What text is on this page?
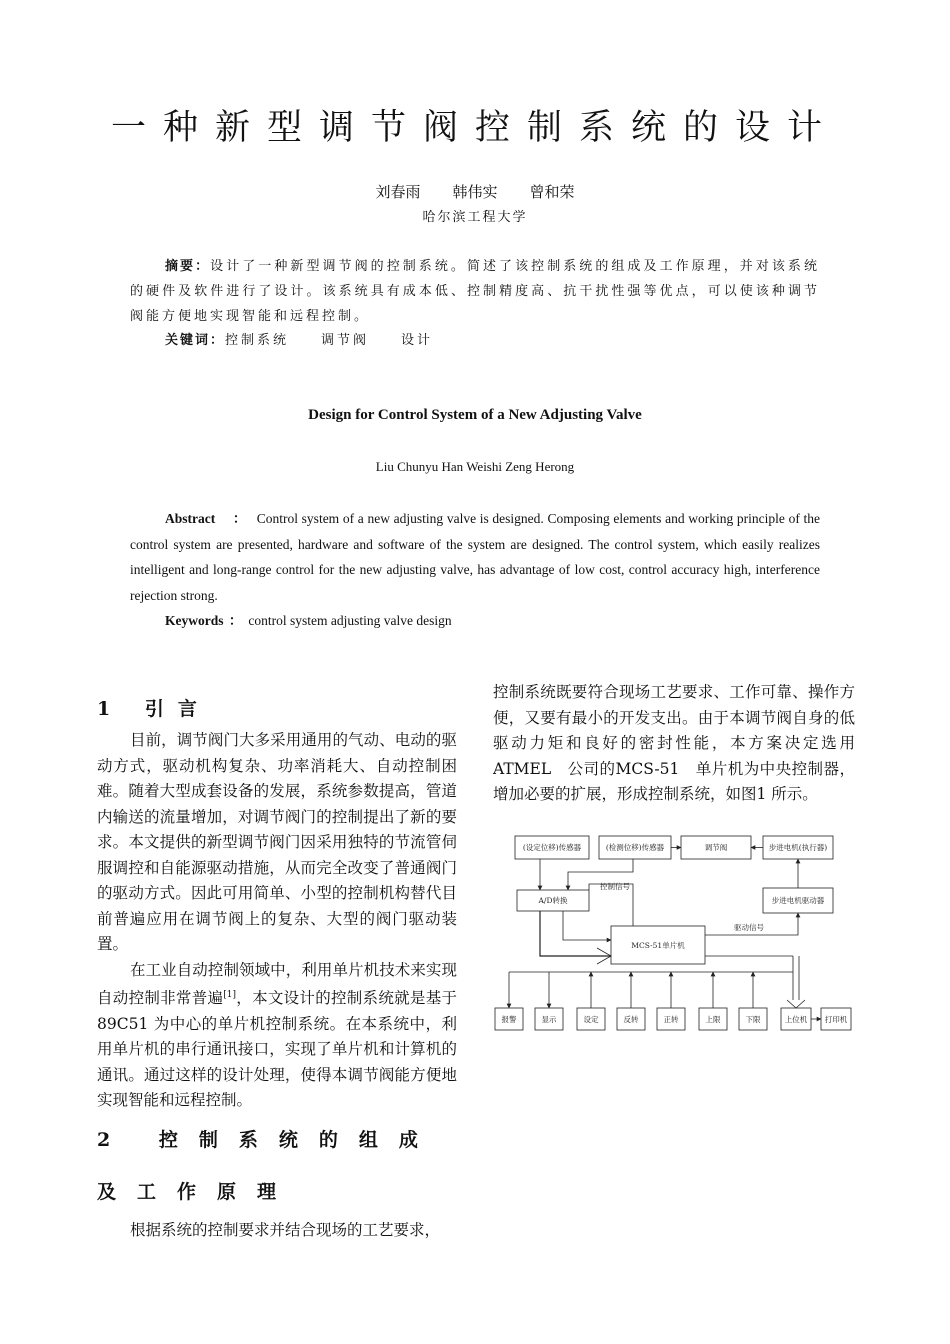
一种新型调节阀控制系统的设计
刘春雨 韩伟实 曾和荣
哈尔滨工程大学
摘要：设计了一种新型调节阀的控制系统。简述了该控制系统的组成及工作原理，并对该系统的硬件及软件进行了设计。该系统具有成本低、控制精度高、抗干扰性强等优点，可以使该种调节阀能方便地实现智能和远程控制。
关键词：控制系统 调节阀 设计
Design for Control System of a New Adjusting Valve
Liu Chunyu Han Weishi Zeng Herong
Abstract ： Control system of a new adjusting valve is designed. Composing elements and working principle of the control system are presented, hardware and software of the system are designed. The control system, which easily realizes intelligent and long-range control for the new adjusting valve, has advantage of low cost, control accuracy high, interference rejection strong.
Keywords ： control system adjusting valve design
1 引言

目前，调节阀门大多采用通用的气动、电动的驱动方式，驱动机构复杂、功率消耗大、自动控制困难。随着大型成套设备的发展，系统参数提高，管道内输送的流量增加，对调节阀门的控制提出了新的要求。本文提供的新型调节阀门因采用独特的节流管伺服调控和自能源驱动措施，从而完全改变了普通阀门的驱动方式。因此可用简单、小型的控制机构替代目前普遍应用在调节阀上的复杂、大型的阀门驱动装置。

在工业自动控制领域中，利用单片机技术来实现自动控制非常普遍[1]，本文设计的控制系统就是基于89C51 为中心的单片机控制系统。在本系统中，利用单片机的串行通讯接口，实现了单片机和计算机的通讯。通过这样的设计处理，使得本调节阀能方便地实现智能和远程控制。

2 控制系统的组成及工作原理

根据系统的控制要求并结合现场的工艺要求，

控制系统既要符合现场工艺要求、工作可靠、操作方便，又要有最小的开发支出。由于本调节阀自身的低驱动力矩和良好的密封性能，本方案决定选用ATMEL　公司的MCS-51　单片机为中央控制器，增加必要的扩展，形成控制系统，如图1 所示。

(设定位移)传感器	(检测位移)传感器	调节阀	步进电机(执行器)
A/D转换	步进电机驱动器
MCS-51单片机
控制信号
驱动信号
报警	显示	设定	反转	正转	上限	下限	上位机 打印机
